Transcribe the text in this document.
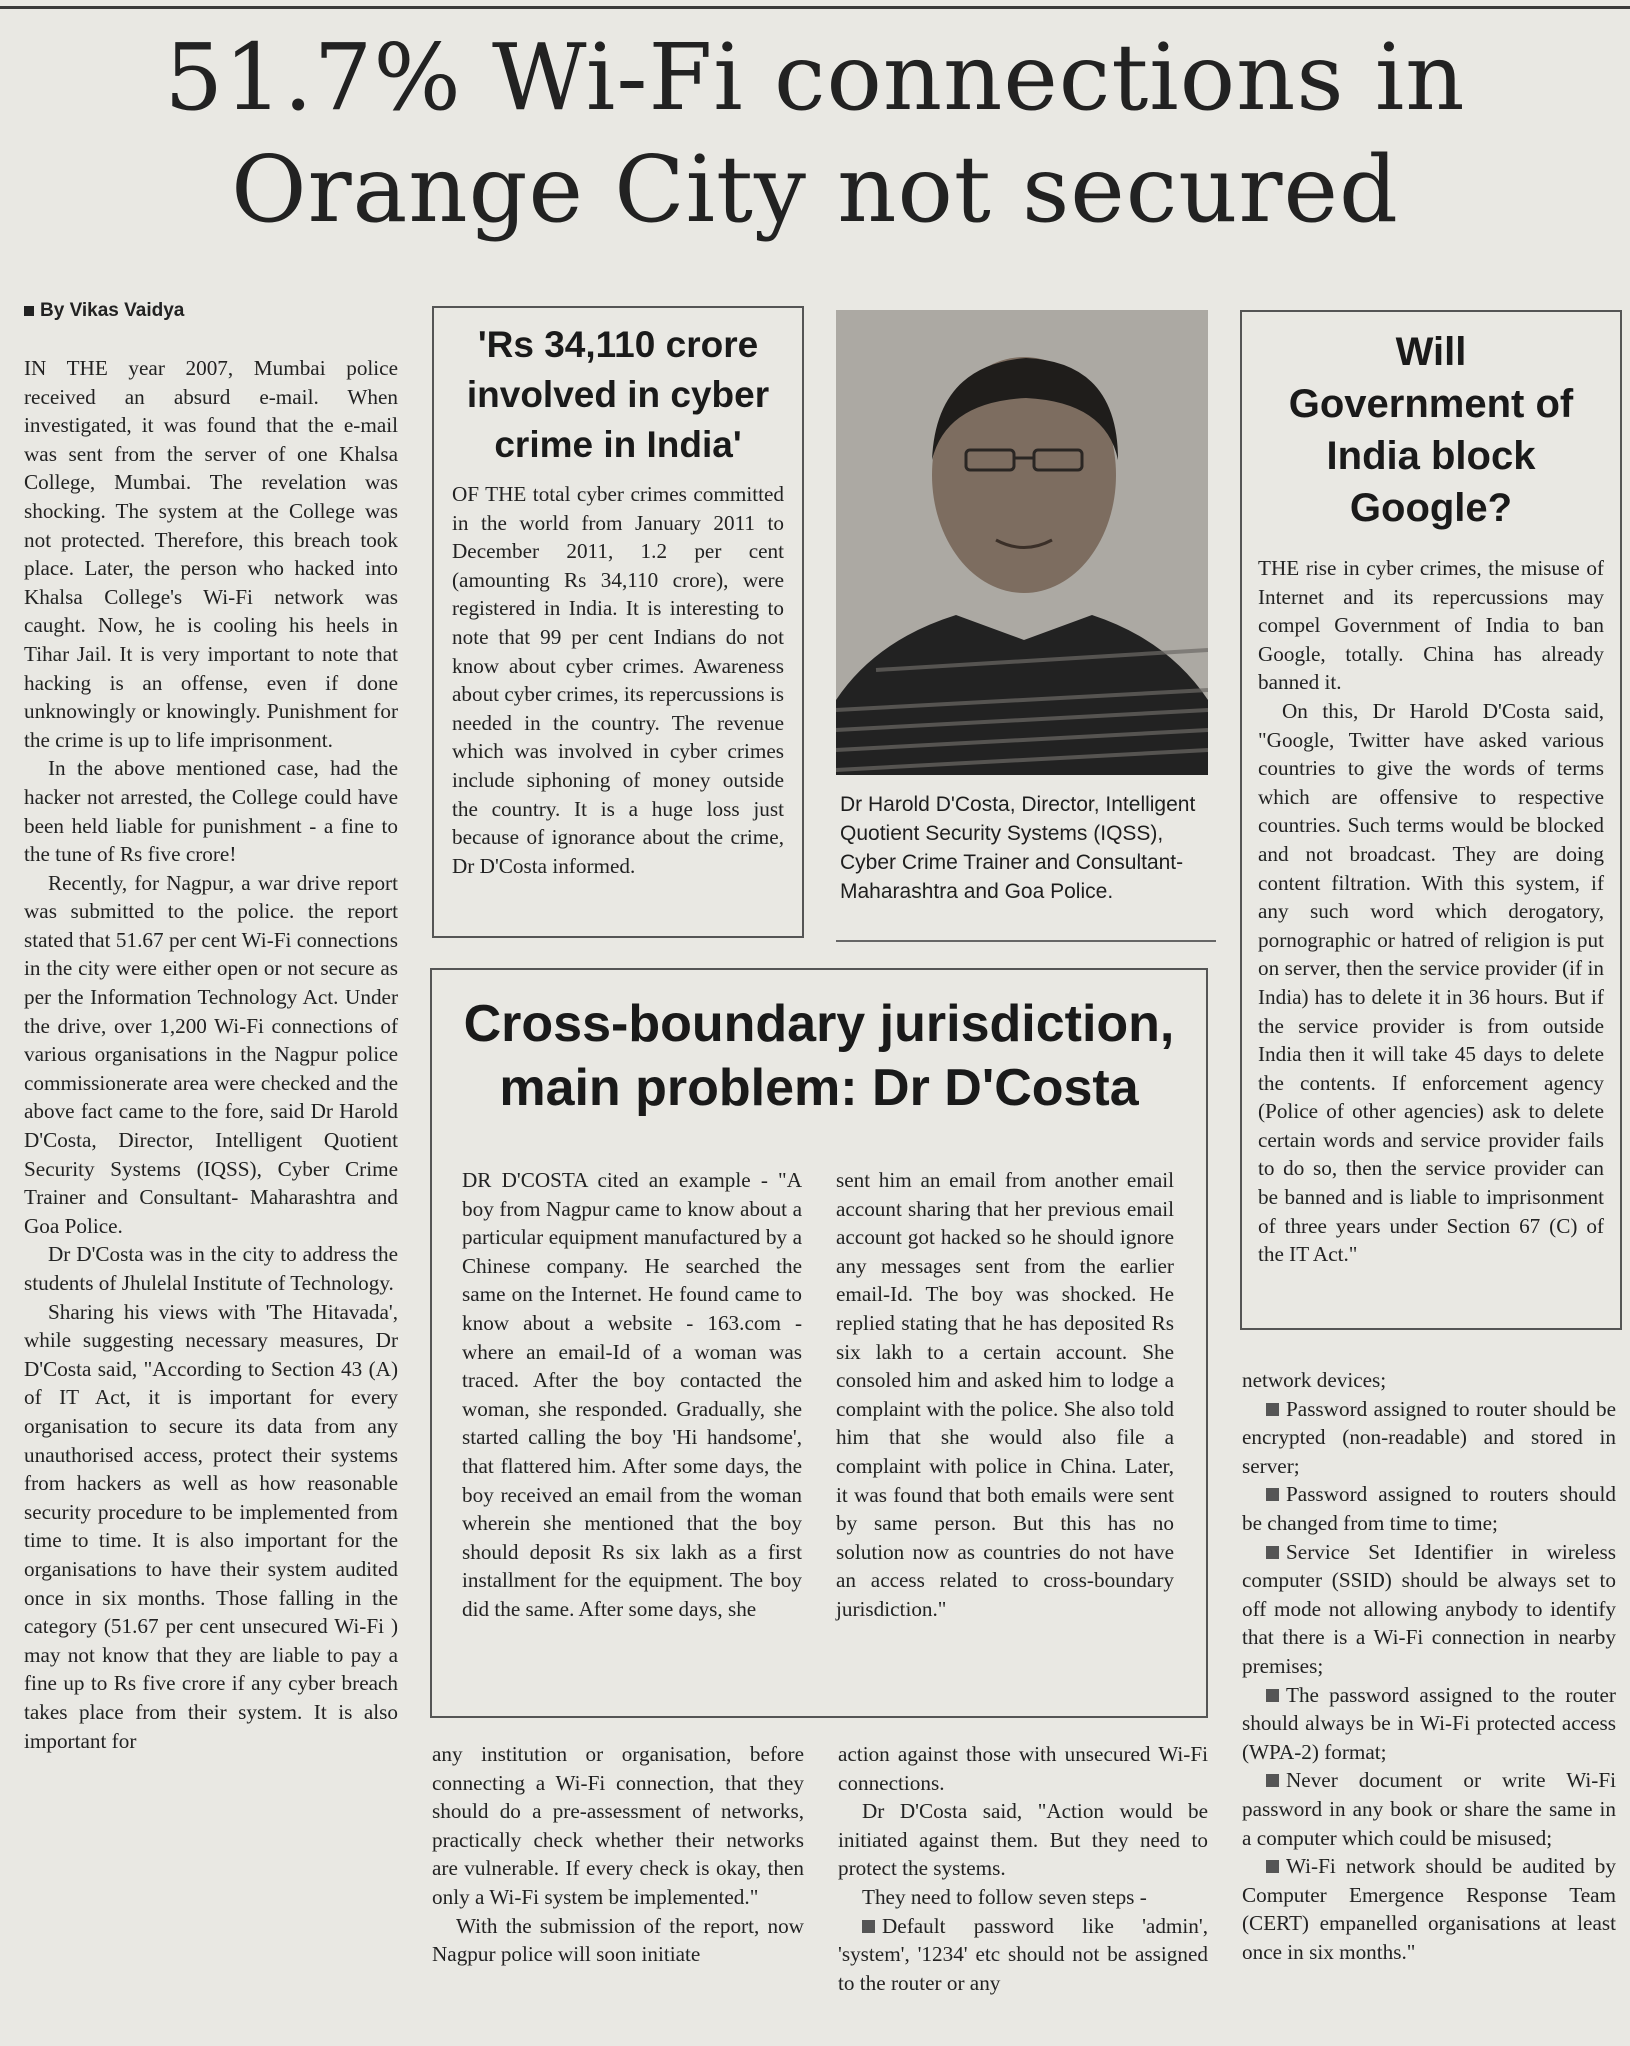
51.7% Wi-Fi connections in
Orange City not secured
By Vikas Vaidya

IN THE year 2007, Mumbai police received an absurd e-mail. When investigated, it was found that the e-mail was sent from the server of one Khalsa College, Mumbai. The revelation was shocking. The system at the College was not protected. Therefore, this breach took place. Later, the person who hacked into Khalsa College's Wi-Fi network was caught. Now, he is cooling his heels in Tihar Jail. It is very important to note that hacking is an offense, even if done unknowingly or knowingly. Punishment for the crime is up to life imprisonment.

In the above mentioned case, had the hacker not arrested, the College could have been held liable for punishment - a fine to the tune of Rs five crore!

Recently, for Nagpur, a war drive report was submitted to the police. the report stated that 51.67 per cent Wi-Fi connections in the city were either open or not secure as per the Information Technology Act. Under the drive, over 1,200 Wi-Fi connections of various organisations in the Nagpur police commissionerate area were checked and the above fact came to the fore, said Dr Harold D'Costa, Director, Intelligent Quotient Security Systems (IQSS), Cyber Crime Trainer and Consultant- Maharashtra and Goa Police.

Dr D'Costa was in the city to address the students of Jhulelal Institute of Technology.

Sharing his views with 'The Hitavada', while suggesting necessary measures, Dr D'Costa said, "According to Section 43 (A) of IT Act, it is important for every organisation to secure its data from any unauthorised access, protect their systems from hackers as well as how reasonable security procedure to be implemented from time to time. It is also important for the organisations to have their system audited once in six months. Those falling in the category (51.67 per cent unsecured Wi-Fi ) may not know that they are liable to pay a fine up to Rs five crore if any cyber breach takes place from their system. It is also important for

'Rs 34,110 crore involved in cyber crime in India'
OF THE total cyber crimes committed in the world from January 2011 to December 2011, 1.2 per cent (amounting Rs 34,110 crore), were registered in India. It is interesting to note that 99 per cent Indians do not know about cyber crimes. Awareness about cyber crimes, its repercussions is needed in the country. The revenue which was involved in cyber crimes include siphoning of money outside the country. It is a huge loss just because of ignorance about the crime, Dr D'Costa informed.
Dr Harold D'Costa, Director, Intelligent Quotient Security Systems (IQSS), Cyber Crime Trainer and Consultant- Maharashtra and Goa Police.
Will Government of India block Google?

THE rise in cyber crimes, the misuse of Internet and its repercussions may compel Government of India to ban Google, totally. China has already banned it.

On this, Dr Harold D'Costa said, "Google, Twitter have asked various countries to give the words of terms which are offensive to respective countries. Such terms would be blocked and not broadcast. They are doing content filtration. With this system, if any such word which derogatory, pornographic or hatred of religion is put on server, then the service provider (if in India) has to delete it in 36 hours. But if the service provider is from outside India then it will take 45 days to delete the contents. If enforcement agency (Police of other agencies) ask to delete certain words and service provider fails to do so, then the service provider can be banned and is liable to imprisonment of three years under Section 67 (C) of the IT Act."

Cross-boundary jurisdiction, main problem: Dr D'Costa
DR D'COSTA cited an example - "A boy from Nagpur came to know about a particular equipment manufactured by a Chinese company. He searched the same on the Internet. He found came to know about a website - 163.com - where an email-Id of a woman was traced. After the boy contacted the woman, she responded. Gradually, she started calling the boy 'Hi handsome', that flattered him. After some days, the boy received an email from the woman wherein she mentioned that the boy should deposit Rs six lakh as a first installment for the equipment. The boy did the same. After some days, she
sent him an email from another email account sharing that her previous email account got hacked so he should ignore any messages sent from the earlier email-Id. The boy was shocked. He replied stating that he has deposited Rs six lakh to a certain account. She consoled him and asked him to lodge a complaint with the police. She also told him that she would also file a complaint with police in China. Later, it was found that both emails were sent by same person. But this has no solution now as countries do not have an access related to cross-boundary jurisdiction."

any institution or organisation, before connecting a Wi-Fi connection, that they should do a pre-assessment of networks, practically check whether their networks are vulnerable. If every check is okay, then only a Wi-Fi system be implemented."

With the submission of the report, now Nagpur police will soon initiate

action against those with unsecured Wi-Fi connections.

Dr D'Costa said, "Action would be initiated against them. But they need to protect the systems.

They need to follow seven steps -

Default password like 'admin', 'system', '1234' etc should not be assigned to the router or any

network devices;

Password assigned to router should be encrypted (non-readable) and stored in server;

Password assigned to routers should be changed from time to time;

Service Set Identifier in wireless computer (SSID) should be always set to off mode not allowing anybody to identify that there is a Wi-Fi connection in nearby premises;

The password assigned to the router should always be in Wi-Fi protected access (WPA-2) format;

Never document or write Wi-Fi password in any book or share the same in a computer which could be misused;

Wi-Fi network should be audited by Computer Emergence Response Team (CERT) empanelled organisations at least once in six months."
